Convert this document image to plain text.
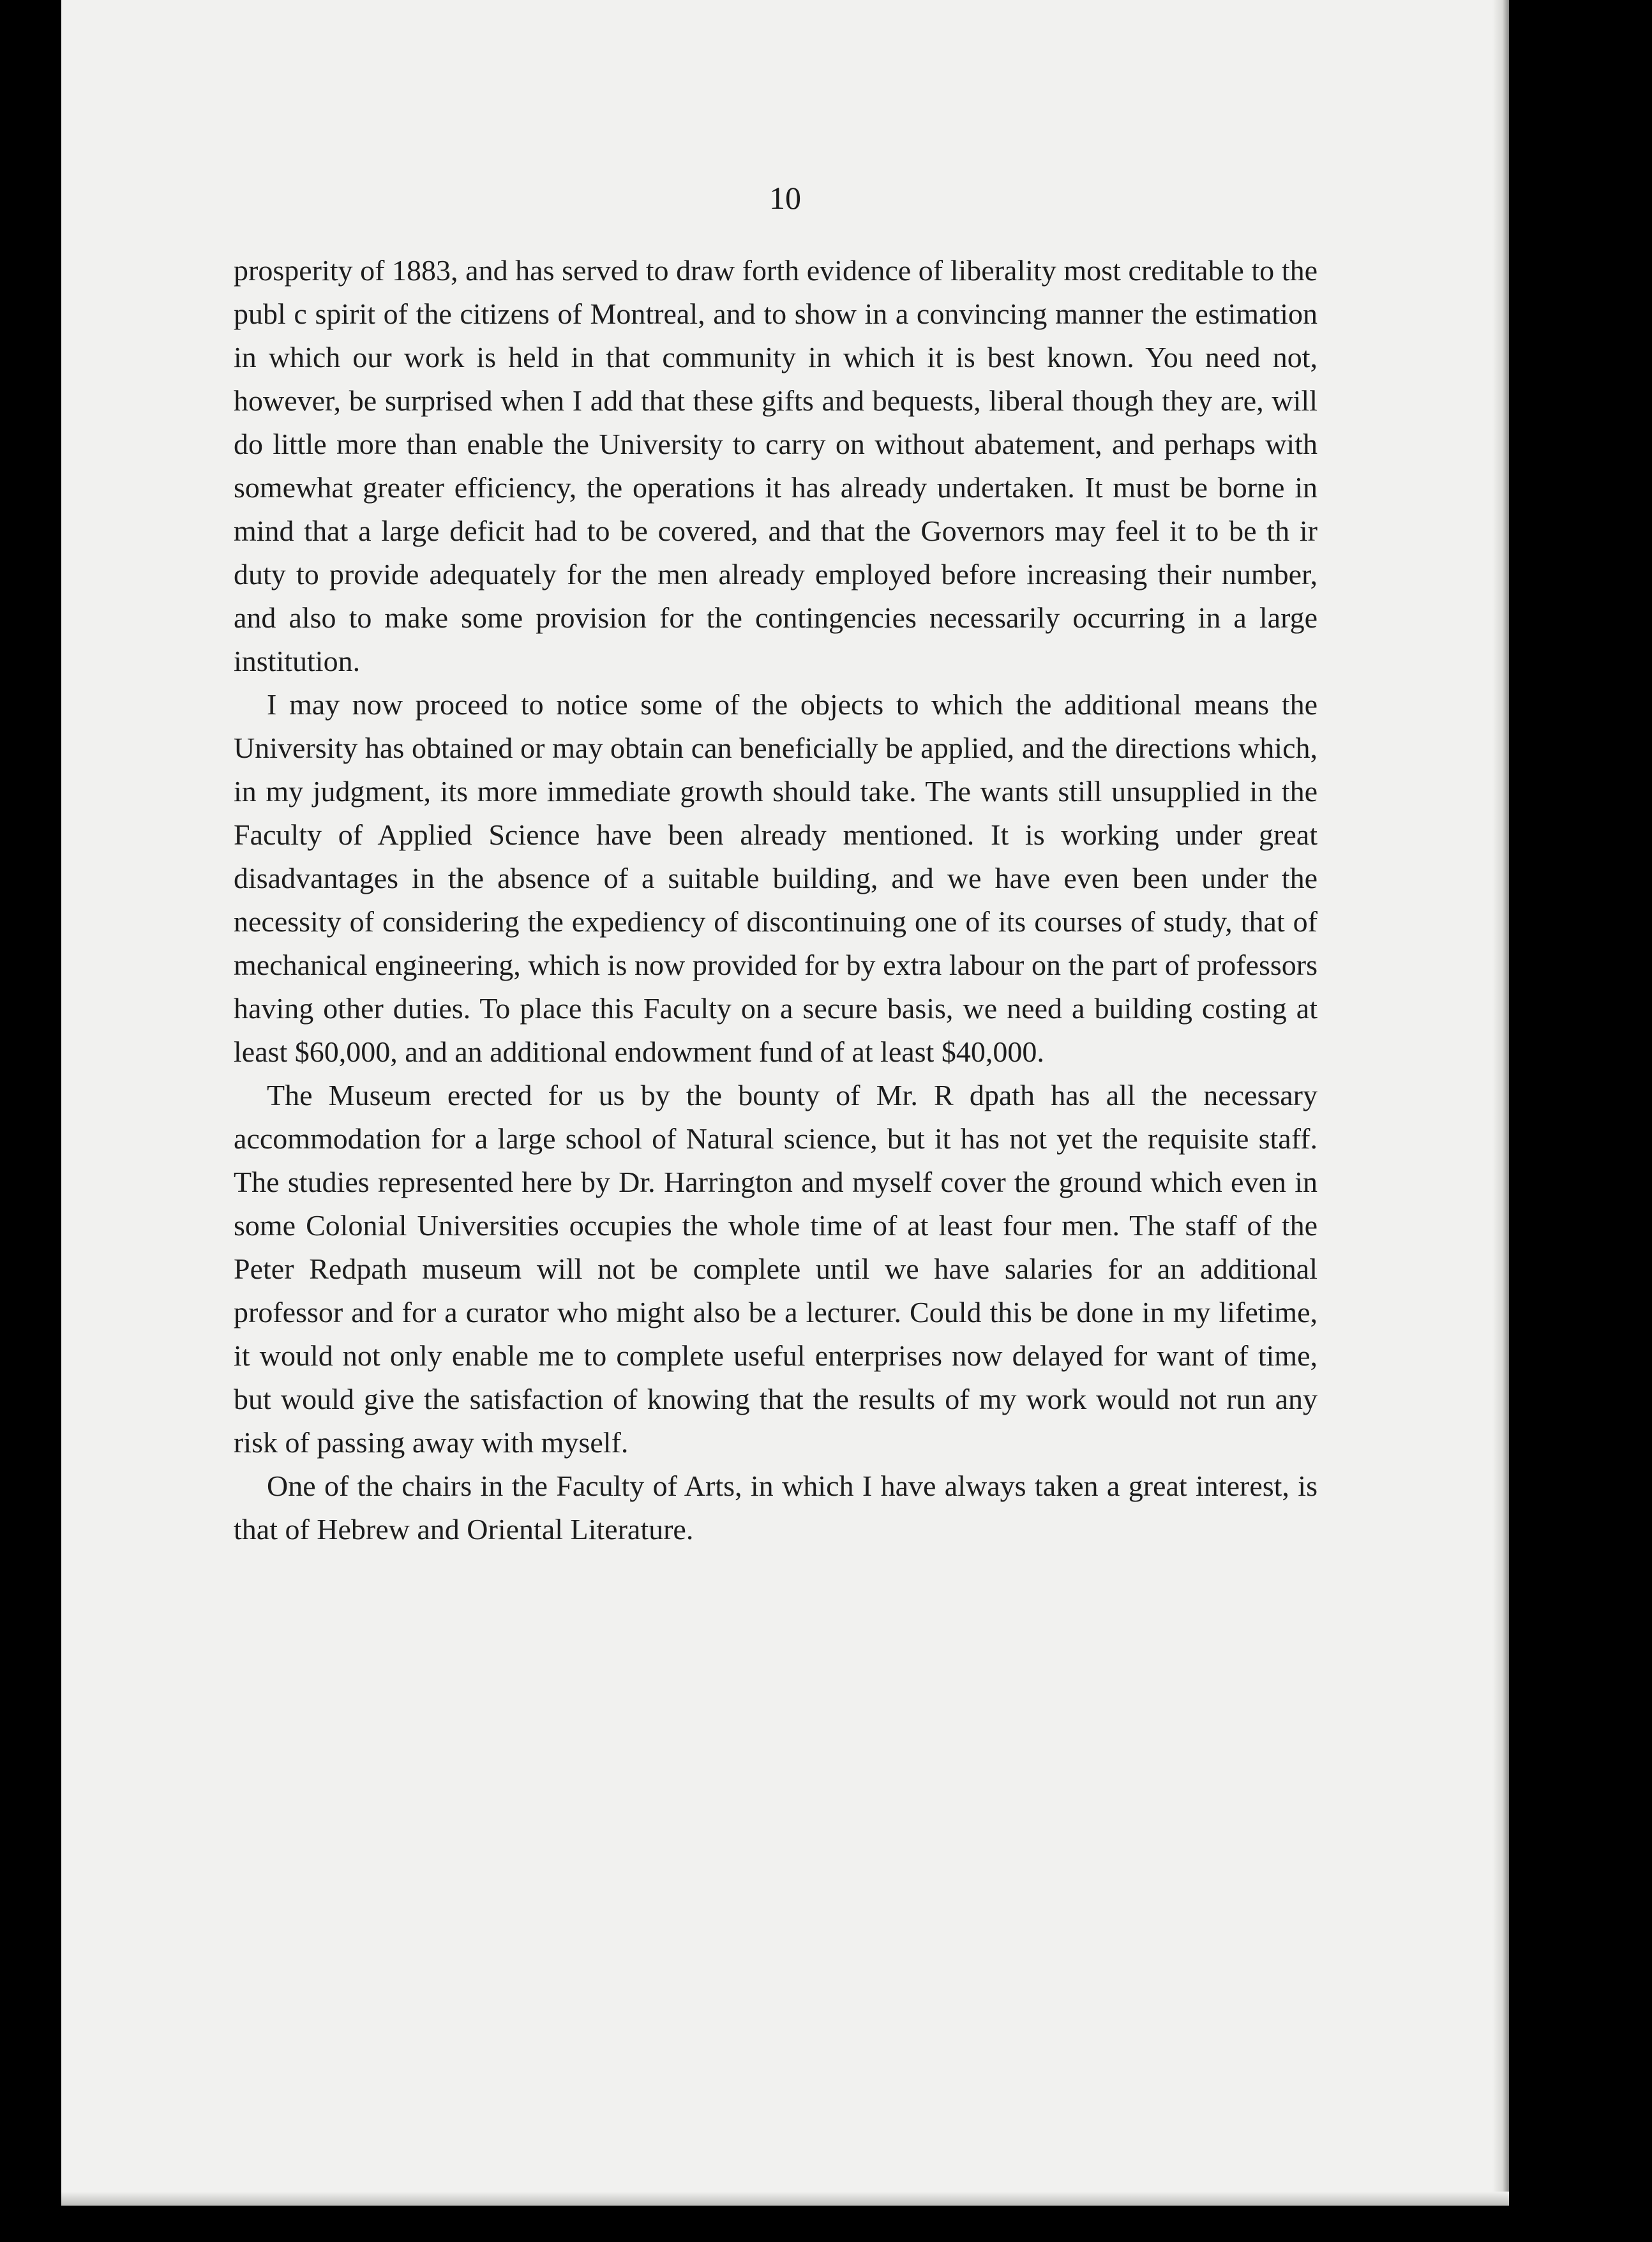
10

prosperity of 1883, and has served to draw forth evidence of liberality most creditable to the publ c spirit of the citizens of Montreal, and to show in a convincing manner the estimation in which our work is held in that community in which it is best known. You need not, however, be surprised when I add that these gifts and bequests, liberal though they are, will do little more than enable the University to carry on without abatement, and perhaps with somewhat greater efficiency, the operations it has already undertaken. It must be borne in mind that a large deficit had to be covered, and that the Governors may feel it to be th ir duty to provide adequately for the men already employed before increasing their number, and also to make some provision for the contingencies necessarily occurring in a large institution.

I may now proceed to notice some of the objects to which the additional means the University has obtained or may obtain can beneficially be applied, and the directions which, in my judgment, its more immediate growth should take. The wants still unsupplied in the Faculty of Applied Science have been already mentioned. It is working under great disadvantages in the absence of a suitable building, and we have even been under the necessity of considering the expediency of discontinuing one of its courses of study, that of mechanical engineering, which is now provided for by extra labour on the part of professors having other duties. To place this Faculty on a secure basis, we need a building costing at least $60,000, and an additional endowment fund of at least $40,000.

The Museum erected for us by the bounty of Mr. R dpath has all the necessary accommodation for a large school of Natural science, but it has not yet the requisite staff. The studies represented here by Dr. Harrington and myself cover the ground which even in some Colonial Universities occupies the whole time of at least four men. The staff of the Peter Redpath museum will not be complete until we have salaries for an additional professor and for a curator who might also be a lecturer. Could this be done in my lifetime, it would not only enable me to complete useful enterprises now delayed for want of time, but would give the satisfaction of knowing that the results of my work would not run any risk of passing away with myself.

One of the chairs in the Faculty of Arts, in which I have always taken a great interest, is that of Hebrew and Oriental Literature.
